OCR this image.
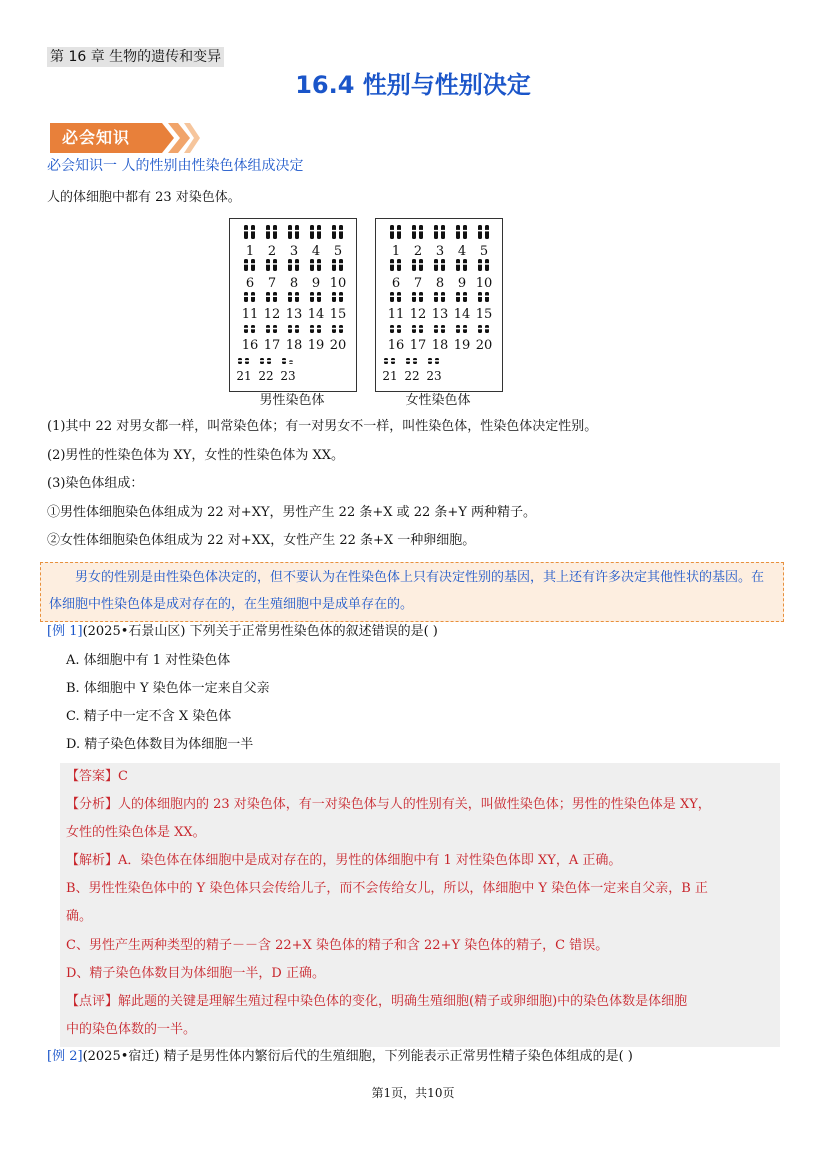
第 16 章 生物的遗传和变异
16.4 性别与性别决定
必会知识
必会知识一 人的性别由性染色体组成决定
人的体细胞中都有 23 对染色体。
1 2 3 4 5
6 7 8 9 10
11 12 13 14 15
16 17 18 19 20
21 22 23
1 2 3 4 5
6 7 8 9 10
11 12 13 14 15
16 17 18 19 20
21 22 23
男性染色体	女性染色体
(1)其中 22 对男女都一样，叫常染色体；有一对男女不一样，叫性染色体，性染色体决定性别。
(2)男性的性染色体为 XY，女性的性染色体为 XX。
(3)染色体组成：
①男性体细胞染色体组成为 22 对+XY，男性产生 22 条+X 或 22 条+Y 两种精子。
②女性体细胞染色体组成为 22 对+XX，女性产生 22 条+X 一种卵细胞。
男女的性别是由性染色体决定的，但不要认为在性染色体上只有决定性别的基因，其上还有许多决定其他性状的基因。在体细胞中性染色体是成对存在的，在生殖细胞中是成单存在的。
[例 1](2025•石景山区) 下列关于正常男性染色体的叙述错误的是( )
A. 体细胞中有 1 对性染色体
B. 体细胞中 Y 染色体一定来自父亲
C. 精子中一定不含 X 染色体
D. 精子染色体数目为体细胞一半
【答案】C
【分析】人的体细胞内的 23 对染色体，有一对染色体与人的性别有关，叫做性染色体；男性的性染色体是 XY，
女性的性染色体是 XX。
【解析】A．染色体在体细胞中是成对存在的，男性的体细胞中有 1 对性染色体即 XY，A 正确。
B、男性性染色体中的 Y 染色体只会传给儿子，而不会传给女儿，所以，体细胞中 Y 染色体一定来自父亲，B 正
确。
C、男性产生两种类型的精子－－含 22+X 染色体的精子和含 22+Y 染色体的精子，C 错误。
D、精子染色体数目为体细胞一半，D 正确。
【点评】解此题的关键是理解生殖过程中染色体的变化，明确生殖细胞(精子或卵细胞)中的染色体数是体细胞
中的染色体数的一半。
[例 2](2025•宿迁) 精子是男性体内繁衍后代的生殖细胞，下列能表示正常男性精子染色体组成的是( )
第1页，共10页
